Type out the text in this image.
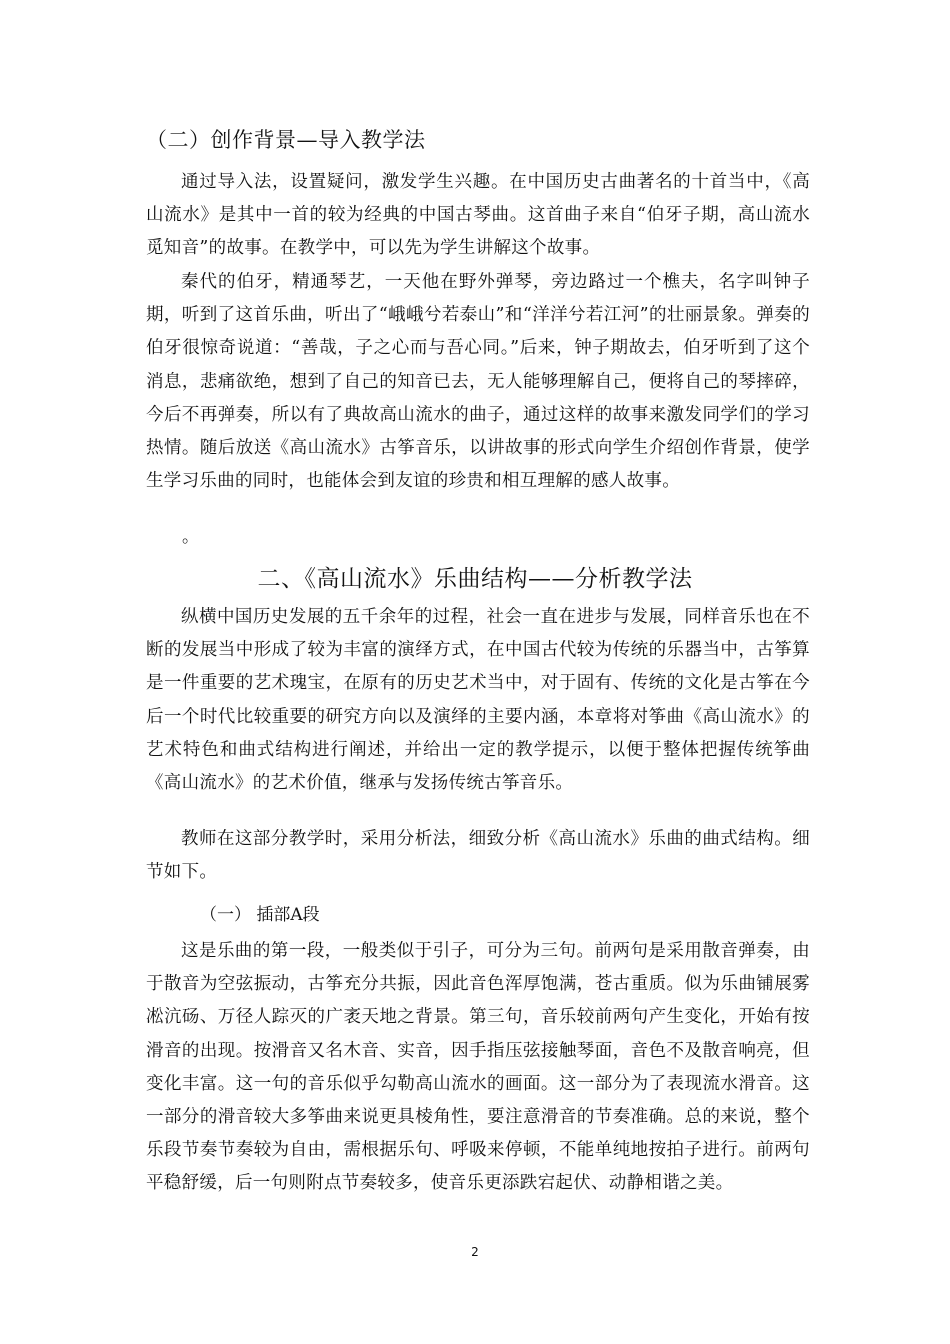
（二）创作背景—导入教学法

通过导入法，设置疑问，激发学生兴趣。在中国历史古曲著名的十首当中，《高山流水》是其中一首的较为经典的中国古琴曲。这首曲子来自“伯牙子期，高山流水觅知音”的故事。在教学中，可以先为学生讲解这个故事。

秦代的伯牙，精通琴艺，一天他在野外弹琴，旁边路过一个樵夫，名字叫钟子期，听到了这首乐曲，听出了“峨峨兮若泰山”和“洋洋兮若江河”的壮丽景象。弹奏的伯牙很惊奇说道：“善哉，子之心而与吾心同。”后来，钟子期故去，伯牙听到了这个消息，悲痛欲绝，想到了自己的知音已去，无人能够理解自己，便将自己的琴摔碎，今后不再弹奏，所以有了典故高山流水的曲子，通过这样的故事来激发同学们的学习热情。随后放送《高山流水》古筝音乐，以讲故事的形式向学生介绍创作背景，使学生学习乐曲的同时，也能体会到友谊的珍贵和相互理解的感人故事。

。
二、《高山流水》乐曲结构——分析教学法

纵横中国历史发展的五千余年的过程，社会一直在进步与发展，同样音乐也在不断的发展当中形成了较为丰富的演绎方式，在中国古代较为传统的乐器当中，古筝算是一件重要的艺术瑰宝，在原有的历史艺术当中，对于固有、传统的文化是古筝在今后一个时代比较重要的研究方向以及演绎的主要内涵，本章将对筝曲《高山流水》的艺术特色和曲式结构进行阐述，并给出一定的教学提示，以便于整体把握传统筝曲《高山流水》的艺术价值，继承与发扬传统古筝音乐。

教师在这部分教学时，采用分析法，细致分析《高山流水》乐曲的曲式结构。细节如下。

（一） 插部A段

这是乐曲的第一段，一般类似于引子，可分为三句。前两句是采用散音弹奏，由于散音为空弦振动，古筝充分共振，因此音色浑厚饱满，苍古重质。似为乐曲铺展雾凇沆砀、万径人踪灭的广袤天地之背景。第三句，音乐较前两句产生变化，开始有按滑音的出现。按滑音又名木音、实音，因手指压弦接触琴面，音色不及散音响亮，但变化丰富。这一句的音乐似乎勾勒高山流水的画面。这一部分为了表现流水滑音。这一部分的滑音较大多筝曲来说更具棱角性，要注意滑音的节奏准确。总的来说，整个乐段节奏节奏较为自由，需根据乐句、呼吸来停顿，不能单纯地按拍子进行。前两句平稳舒缓，后一句则附点节奏较多，使音乐更添跌宕起伏、动静相谐之美。

2
